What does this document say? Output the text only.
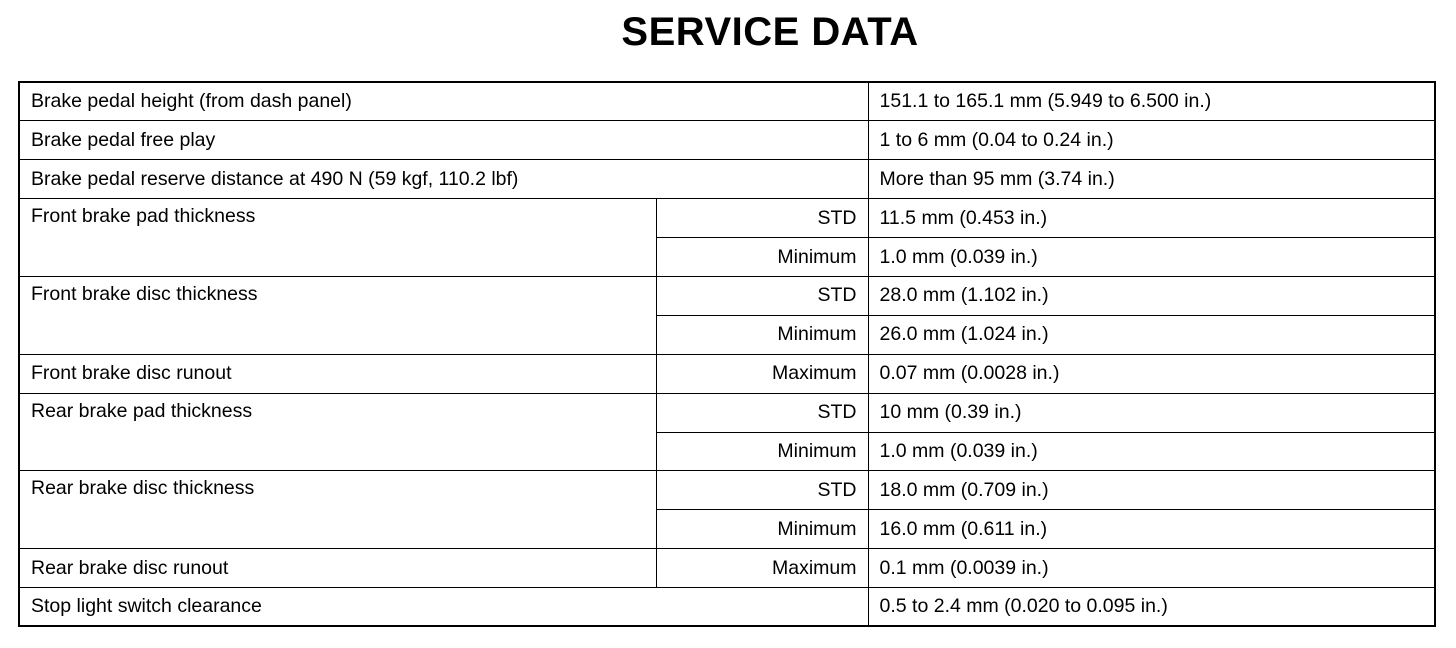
SERVICE DATA
Brake pedal height (from dash panel)		151.1 to 165.1 mm (5.949 to 6.500 in.)
Brake pedal free play		1 to 6 mm (0.04 to 0.24 in.)
Brake pedal reserve distance at 490 N (59 kgf, 110.2 lbf)		More than 95 mm (3.74 in.)
Front brake pad thickness	STD	11.5 mm (0.453 in.)
	Minimum	1.0 mm (0.039 in.)
Front brake disc thickness	STD	28.0 mm (1.102 in.)
	Minimum	26.0 mm (1.024 in.)
Front brake disc runout	Maximum	0.07 mm (0.0028 in.)
Rear brake pad thickness	STD	10 mm (0.39 in.)
	Minimum	1.0 mm (0.039 in.)
Rear brake disc thickness	STD	18.0 mm (0.709 in.)
	Minimum	16.0 mm (0.611 in.)
Rear brake disc runout	Maximum	0.1 mm (0.0039 in.)
Stop light switch clearance		0.5 to 2.4 mm (0.020 to 0.095 in.)
